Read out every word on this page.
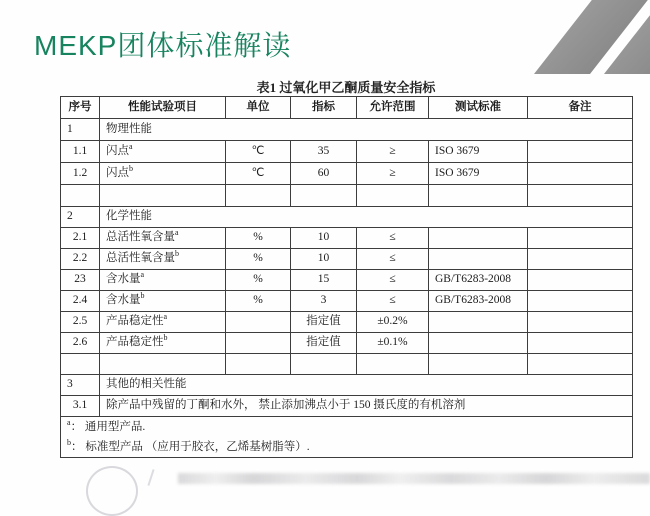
MEKP团体标准解读
表1 过氧化甲乙酮质量安全指标
序号	性能试验项目	单位	指标	允许范围	测试标准	备注
1	物理性能					
1.1	闪点$^a$	℃	35	≥	ISO 3679	
1.2	闪点$^b$	℃	60	≥	ISO 3679	

2	化学性能					
2.1	总活性氧含量$^a$	%	10	≤		
2.2	总活性氧含量$^b$	%	10	≤		
23	含水量$^a$	%	15	≤	GB/T6283-2008	
2.4	含水量$^b$	%	3	≤	GB/T6283-2008	
2.5	产品稳定性$^a$		指定值	±0.2%		
2.6	产品稳定性$^b$		指定值	±0.1%		

3	其他的相关性能					
3.1	除产品中残留的丁酮和水外， 禁止添加沸点小于 150 摄氏度的有机溶剂					

$^a$： 通用型产品.
$^b$： 标准型产品 （应用于胶衣，乙烯基树脂等）.						
